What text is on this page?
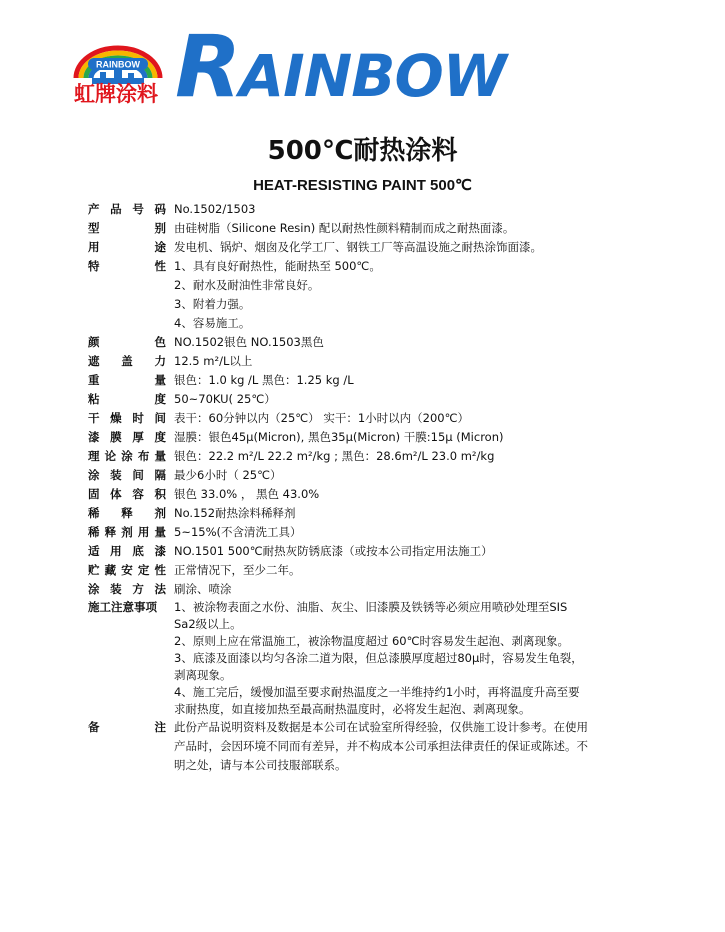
RAINBOW
虹牌涂料 RAINBOW
500℃耐热涂料
HEAT-RESISTING PAINT 500℃
产 品 号 码 No.1502/1503
型	别 由硅树脂（Silicone Resin) 配以耐热性颜料精制而成之耐热面漆。
用	途 发电机、锅炉、烟囱及化学工厂、钢铁工厂等高温设施之耐热涂饰面漆。
特	性 1、具有良好耐热性，能耐热至 500℃。
2、耐水及耐油性非常良好。
3、附着力强。
4、容易施工。
颜	色 NO.1502银色 NO.1503黑色
遮 盖 力 12.5 m²/L以上
重	量 银色：1.0 kg /L 黑色：1.25 kg /L
粘	度 50~70KU( 25℃）
干 燥 时 间 表干：60分钟以内（25℃） 实干：1小时以内（200℃）
漆 膜 厚 度 湿膜：银色45μ(Micron), 黑色35μ(Micron) 干膜:15μ (Micron)
理 论 涂 布 量 银色：22.2 m²/L 22.2 m²/kg ; 黑色：28.6m²/L 23.0 m²/kg
涂 装 间 隔 最少6小时（ 25℃）
固 体 容 积 银色 33.0% ， 黑色 43.0%
稀 释 剂 No.152耐热涂料稀释剂
稀 释 剂 用 量 5~15%(不含清洗工具）
适 用 底 漆 NO.1501 500℃耐热灰防锈底漆（或按本公司指定用法施工）
贮 藏 安 定 性 正常情况下，至少二年。
涂 装 方 法 刷涂、喷涂
施 工 注 意 事 项 1、被涂物表面之水份、油脂、灰尘、旧漆膜及铁锈等必须应用喷砂处理至SIS
Sa2级以上。
2、原则上应在常温施工，被涂物温度超过 60℃时容易发生起泡、剥离现象。
3、底漆及面漆以均匀各涂二道为限，但总漆膜厚度超过80μ时，容易发生龟裂，
剥离现象。
4、施工完后，缓慢加温至要求耐热温度之一半维持约1小时，再将温度升高至要
求耐热度，如直接加热至最高耐热温度时，必将发生起泡、剥离现象。
备	注 此份产品说明资料及数据是本公司在试验室所得经验，仅供施工设计参考。在使用
产品时，会因环境不同而有差异，并不构成本公司承担法律责任的保证或陈述。不
明之处，请与本公司技服部联系。
